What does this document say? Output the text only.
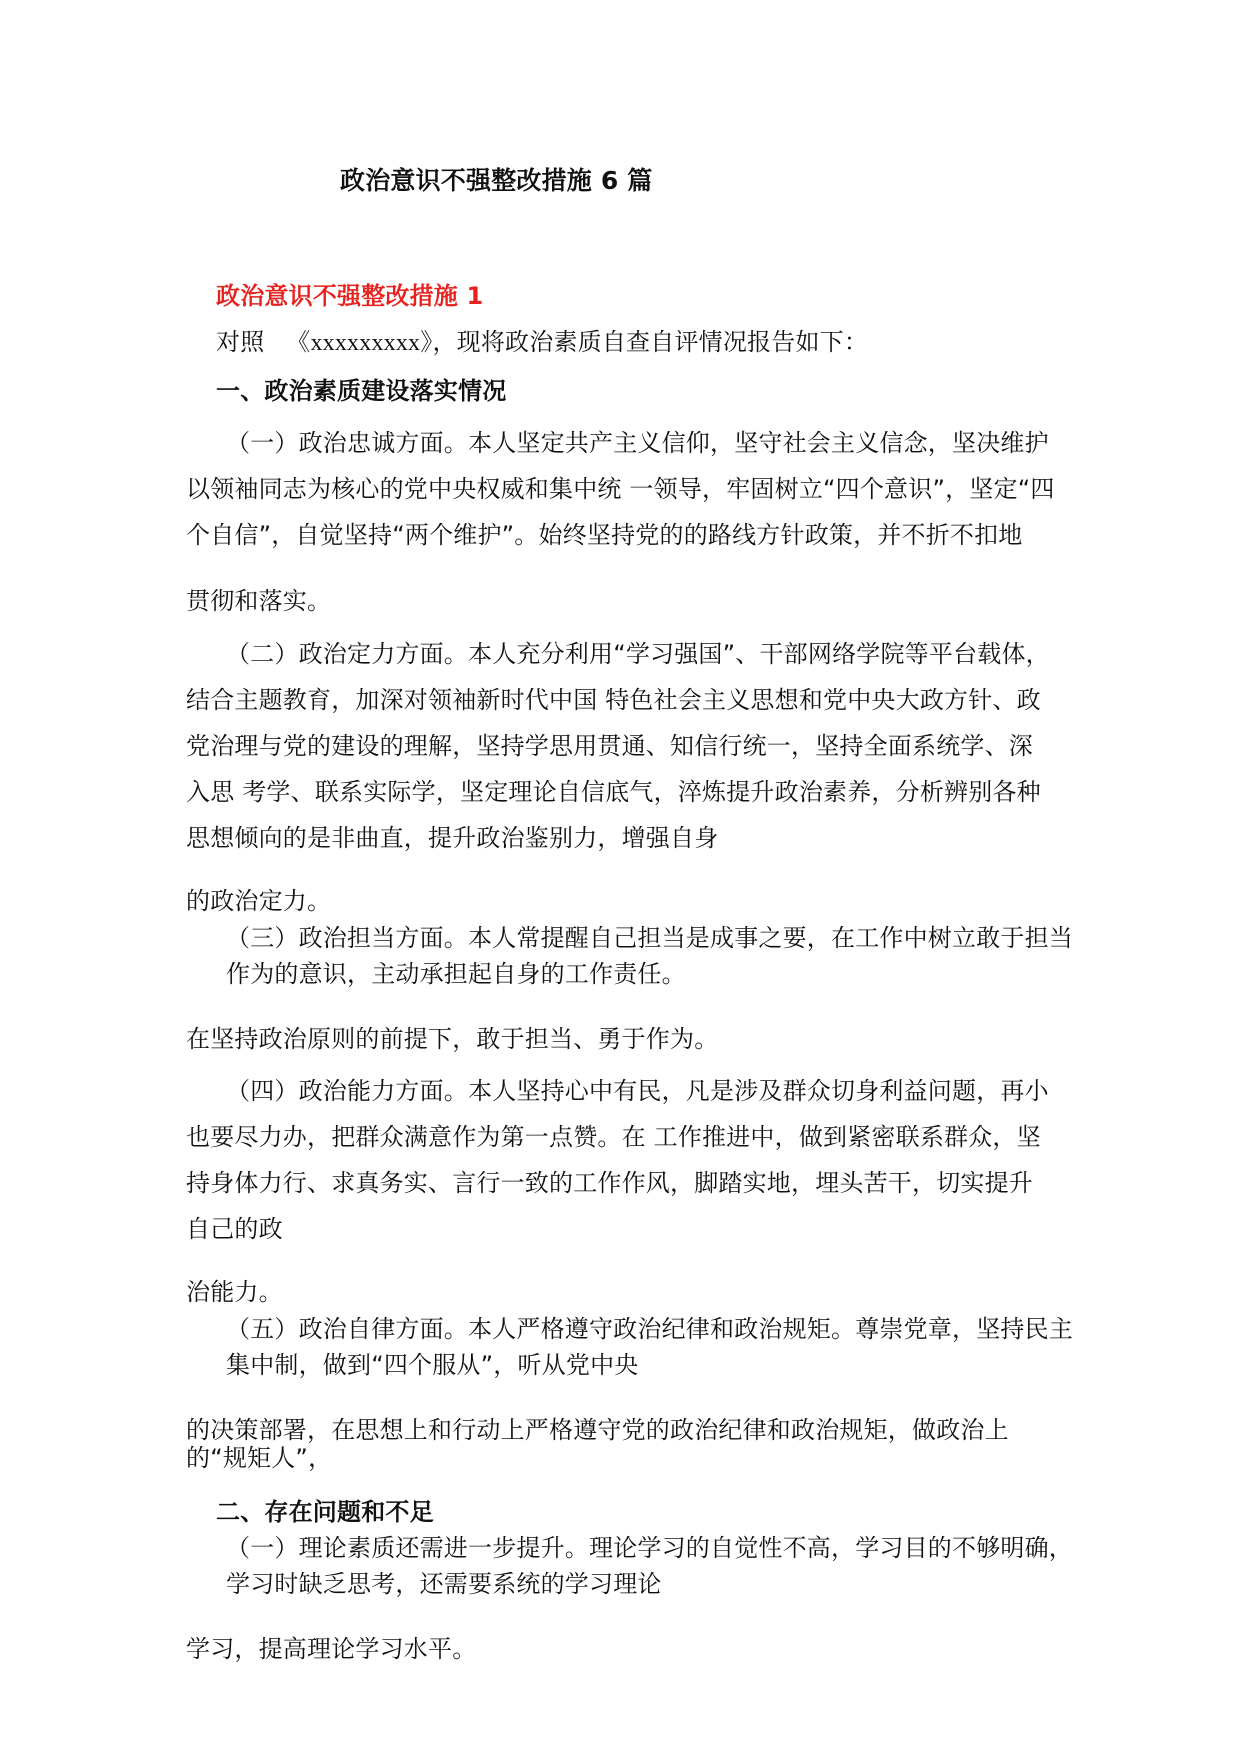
政治意识不强整改措施 6 篇
政治意识不强整改措施 1
对照 《xxxxxxxxx》，现将政治素质自查自评情况报告如下：
一、政治素质建设落实情况
（一）政治忠诚方面。本人坚定共产主义信仰，坚守社会主义信念，坚决维护
以领袖同志为核心的党中央权威和集中统 一领导，牢固树立“四个意识”，坚定“四
个自信”，自觉坚持“两个维护”。始终坚持党的的路线方针政策，并不折不扣地
贯彻和落实。
（二）政治定力方面。本人充分利用“学习强国”、干部网络学院等平台载体，
结合主题教育，加深对领袖新时代中国 特色社会主义思想和党中央大政方针、政
党治理与党的建设的理解，坚持学思用贯通、知信行统一，坚持全面系统学、深
入思 考学、联系实际学，坚定理论自信底气，淬炼提升政治素养，分析辨别各种
思想倾向的是非曲直，提升政治鉴别力，增强自身
的政治定力。
（三）政治担当方面。本人常提醒自己担当是成事之要，在工作中树立敢于担当
作为的意识，主动承担起自身的工作责任。
在坚持政治原则的前提下，敢于担当、勇于作为。
（四）政治能力方面。本人坚持心中有民，凡是涉及群众切身利益问题，再小
也要尽力办，把群众满意作为第一点赞。在 工作推进中，做到紧密联系群众，坚
持身体力行、求真务实、言行一致的工作作风，脚踏实地，埋头苦干，切实提升
自己的政
治能力。
（五）政治自律方面。本人严格遵守政治纪律和政治规矩。尊崇党章，坚持民主
集中制，做到“四个服从”，听从党中央
的决策部署，在思想上和行动上严格遵守党的政治纪律和政治规矩，做政治上
的“规矩人”，
二、存在问题和不足
（一）理论素质还需进一步提升。理论学习的自觉性不高，学习目的不够明确，
学习时缺乏思考，还需要系统的学习理论
学习，提高理论学习水平。
